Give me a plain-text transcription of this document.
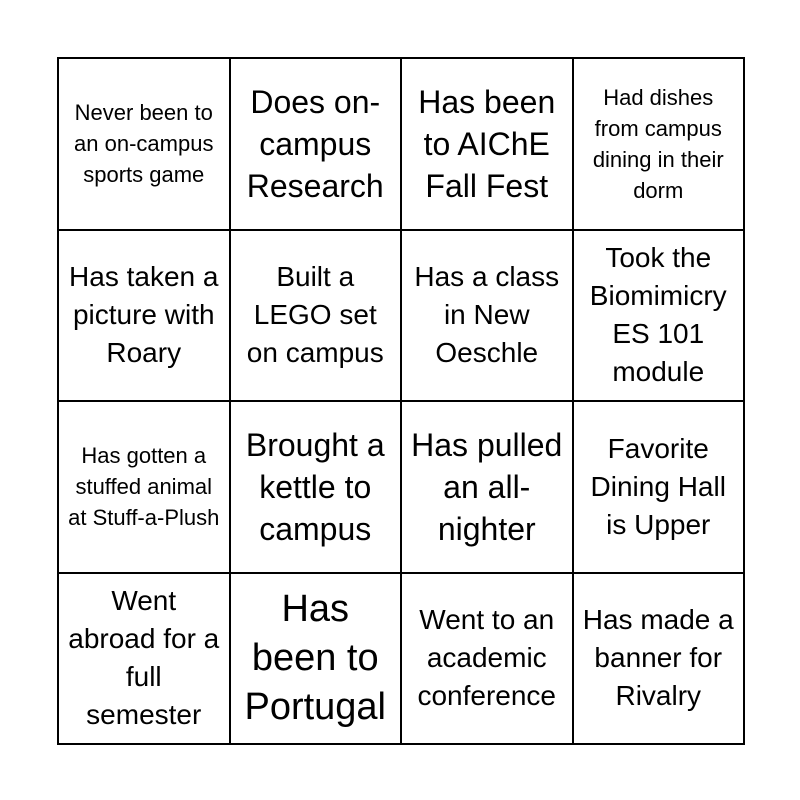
Never been to an on-campus sports game	Does on-campus Research	Has been to AIChE Fall Fest	Had dishes from campus dining in their dorm

Has taken a picture with Roary	Built a LEGO set on campus	Has a class in New Oeschle	Took the Biomimicry ES 101 module

Has gotten a stuffed animal at Stuff-a-Plush	Brought a kettle to campus	Has pulled an all-nighter	Favorite Dining Hall is Upper

Went abroad for a full semester	Has been to Portugal	Went to an academic conference	Has made a banner for Rivalry
